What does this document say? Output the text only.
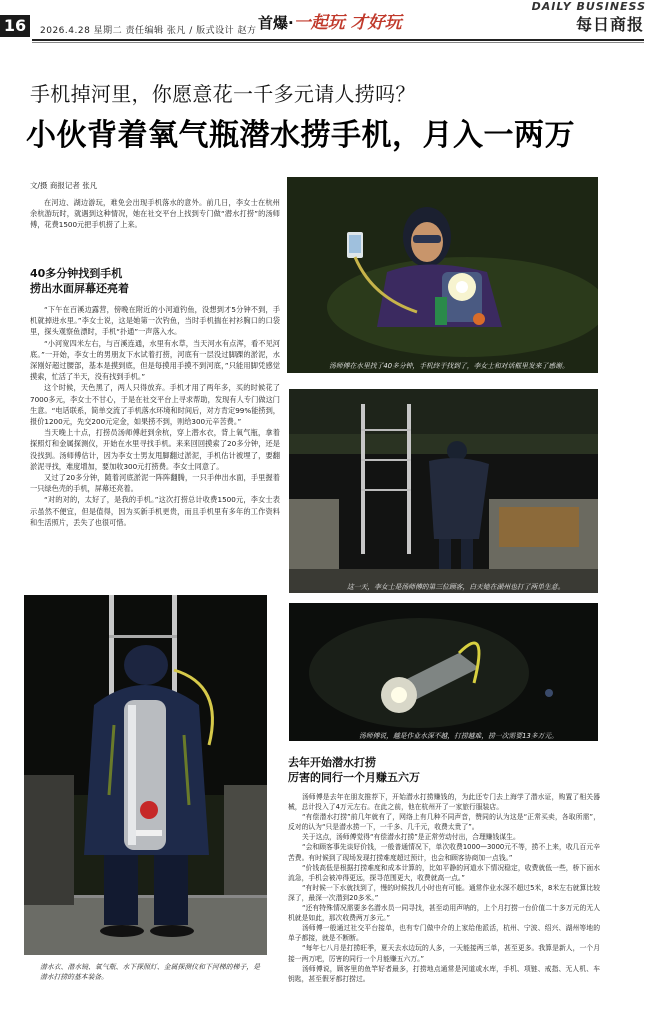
16	2026.4.28 星期二 责任编辑 张凡 / 版式设计 赵方 首爆·一起玩 才好玩
DAILY BUSINESS
每日商报
手机掉河里，你愿意花一千多元请人捞吗？
小伙背着氧气瓶潜水捞手机，月入一两万
文/摄 商报记者 张凡

在河边、湖边游玩，难免会出现手机落水的意外。前几日，李女士在杭州余杭游玩时，就遇到这种情况，她在社交平台上找到专门做“潜水打捞”的汤师傅，花费1500元把手机捞了上来。

40多分钟找到手机
捞出水面屏幕还亮着

“下午在百溪边露营，傍晚在附近的小河道钓鱼，没想到才5分钟不到，手机就掉进水里。”李女士说，这是她第一次钓鱼，当时手机揣在衬衫胸口的口袋里，探头观察鱼漂时，手机“扑通”一声落入水。

“小河宽四米左右，与百溪连通，水里有水草，当天河水有点浑，看不见河底。”一开始，李女士的男朋友下水试着打捞，河底有一层没过脚踝的淤泥，水深刚好超过腰部，基本是摸到底，但是每摸用手摸不到河底，”只能用脚凭感觉摸索，忙活了半天，没有找到手机。”

这个时候，天色黑了，两人只得放弃。手机才用了两年多，买的时候花了7000多元，李女士不甘心，于是在社交平台上寻求帮助，发现有人专门做这门生意。“电话联系，简单交流了手机落水环境和时间后，对方肯定99%能捞到，报价1200元，先交200元定金，如果捞不到，则给300元辛苦费。”

当天晚上十点，打捞员汤师傅赶到余杭，穿上潜水衣，背上氧气瓶，拿着探照灯和金属探测仪，开始在水里寻找手机。来来回回摸索了20多分钟，还是没找到。汤师傅估计，因为李女士男友甩脚翻过淤泥，手机估计被埋了，要翻淤泥寻找，难度增加，要加收300元打捞费。李女士同意了。

又过了20多分钟，随着河底淤泥一阵阵翻腾，一只手伸出水面，手里握着一只绿色壳的手机，屏幕还亮着。

“对的对的，太好了，是我的手机。”这次打捞总计收费1500元，李女士表示虽然不便宜，但是值得，因为买新手机更贵，而且手机里有多年的工作资料和生活照片，丢失了也很可惜。

潜水衣、潜水镜、氧气瓶、水下探照灯、金属探测仪和下河梯的梯子，是潜水打捞的基本装备。
汤师傅在水里找了40多分钟，手机终于找到了，李女士和对话框里发来了感谢。
这一天，李女士是汤师傅的第三位顾客，白天她在湖州也打了两单生意。
汤师傅说，越是作业水深不越，打捞越难，捞一次需要13多万元。
去年开始潜水打捞
厉害的同行一个月赚五六万

汤师傅是去年在朋友推荐下，开始潜水打捞赚钱的，为此还专门去上海学了潜水证，购置了相关器械，总计投入了4万元左右。在此之前，他在杭州开了一家旅行服装店。

“有偿潜水打捞”前几年就有了，网络上有几种不同声音，赞同的认为这是“正常买卖，各取所需”，反对的认为“只是潜水捞一下，一千多、几千元，收费太贵了”。

关于这点，汤师傅觉得“有偿潜水打捞”是正常劳动付出，合理赚钱谋生。

“会和顾客事先谈好价钱，一般普通情况下，单次收费1000—3000元不等，捞不上来，收几百元辛苦费。有时候到了现场发现打捞难度超过预计，也会和顾客协商加一点钱。”

“价钱高低是根据打捞难度和成本计算的，比如平静的河道水下情况稳定，收费就低一些，桥下面水流急，手机会被冲得更远，探寻范围更大，收费就高一点。”

“有时候一下水就找到了，慢的时候找几小时也有可能。通常作业水深不超过5米，8米左右就算比较深了，最深一次潜到20多米。”

“还有特殊情况需要多名潜水员一同寻找，甚至动用声呐的，上个月打捞一台价值二十多万元的无人机就是如此，那次收费两万多元。”

汤师傅一般通过社交平台接单，也有专门做中介的上家给他派活，杭州、宁波、绍兴、湖州等地的单子都接，就是不断断。

“每年七八月是打捞旺季，夏天去水边玩的人多，一天能接两三单，甚至更多。我算是新人，一个月接一两万吧，厉害的同行一个月能赚五六万。”

汤师傅说，顾客里的鱼竿好者最多，打捞地点通常是河道或水库，手机、项链、戒指、无人机、车钥匙，甚至假牙都打捞过。
